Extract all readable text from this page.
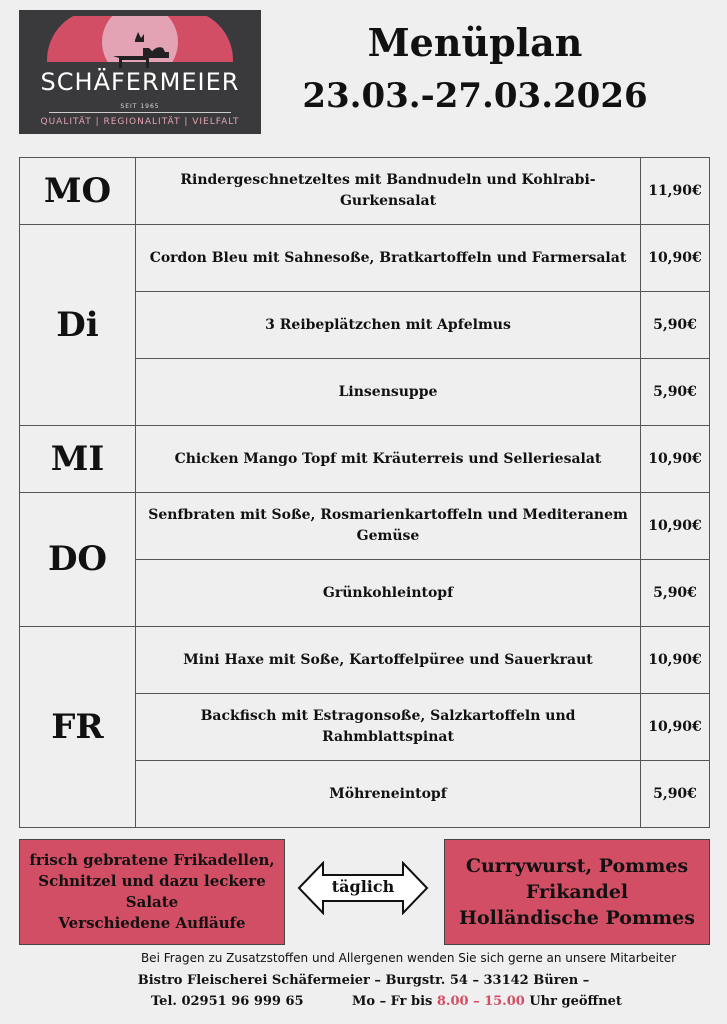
SCHÄFERMEIER
SEIT 1965
QUALITÄT | REGIONALITÄT | VIELFALT
Menüplan
23.03.-27.03.2026
MO	Rindergeschnetzeltes mit Bandnudeln und Kohlrabi-Gurkensalat	11,90€
Di	Cordon Bleu mit Sahnesoße, Bratkartoffeln und Farmersalat	10,90€
	3 Reibeplätzchen mit Apfelmus	5,90€
	Linsensuppe	5,90€
MI	Chicken Mango Topf mit Kräuterreis und Selleriesalat	10,90€
DO	Senfbraten mit Soße, Rosmarienkartoffeln und Mediteranem Gemüse	10,90€
	Grünkohleintopf	5,90€
FR	Mini Haxe mit Soße, Kartoffelpüree und Sauerkraut	10,90€
	Backfisch mit Estragonsoße, Salzkartoffeln und Rahmblattspinat	10,90€
	Möhreneintopf	5,90€
frisch gebratene Frikadellen,
Schnitzel und dazu leckere
Salate
Verschiedene Aufläufe
täglich
Currywurst, Pommes
Frikandel
Holländische Pommes
Bei Fragen zu Zusatzstoffen und Allergenen wenden Sie sich gerne an unsere Mitarbeiter
Bistro Fleischerei Schäfermeier – Burgstr. 54 – 33142 Büren –
Tel. 02951 96 999 65	Mo – Fr bis 8.00 – 15.00 Uhr geöffnet
